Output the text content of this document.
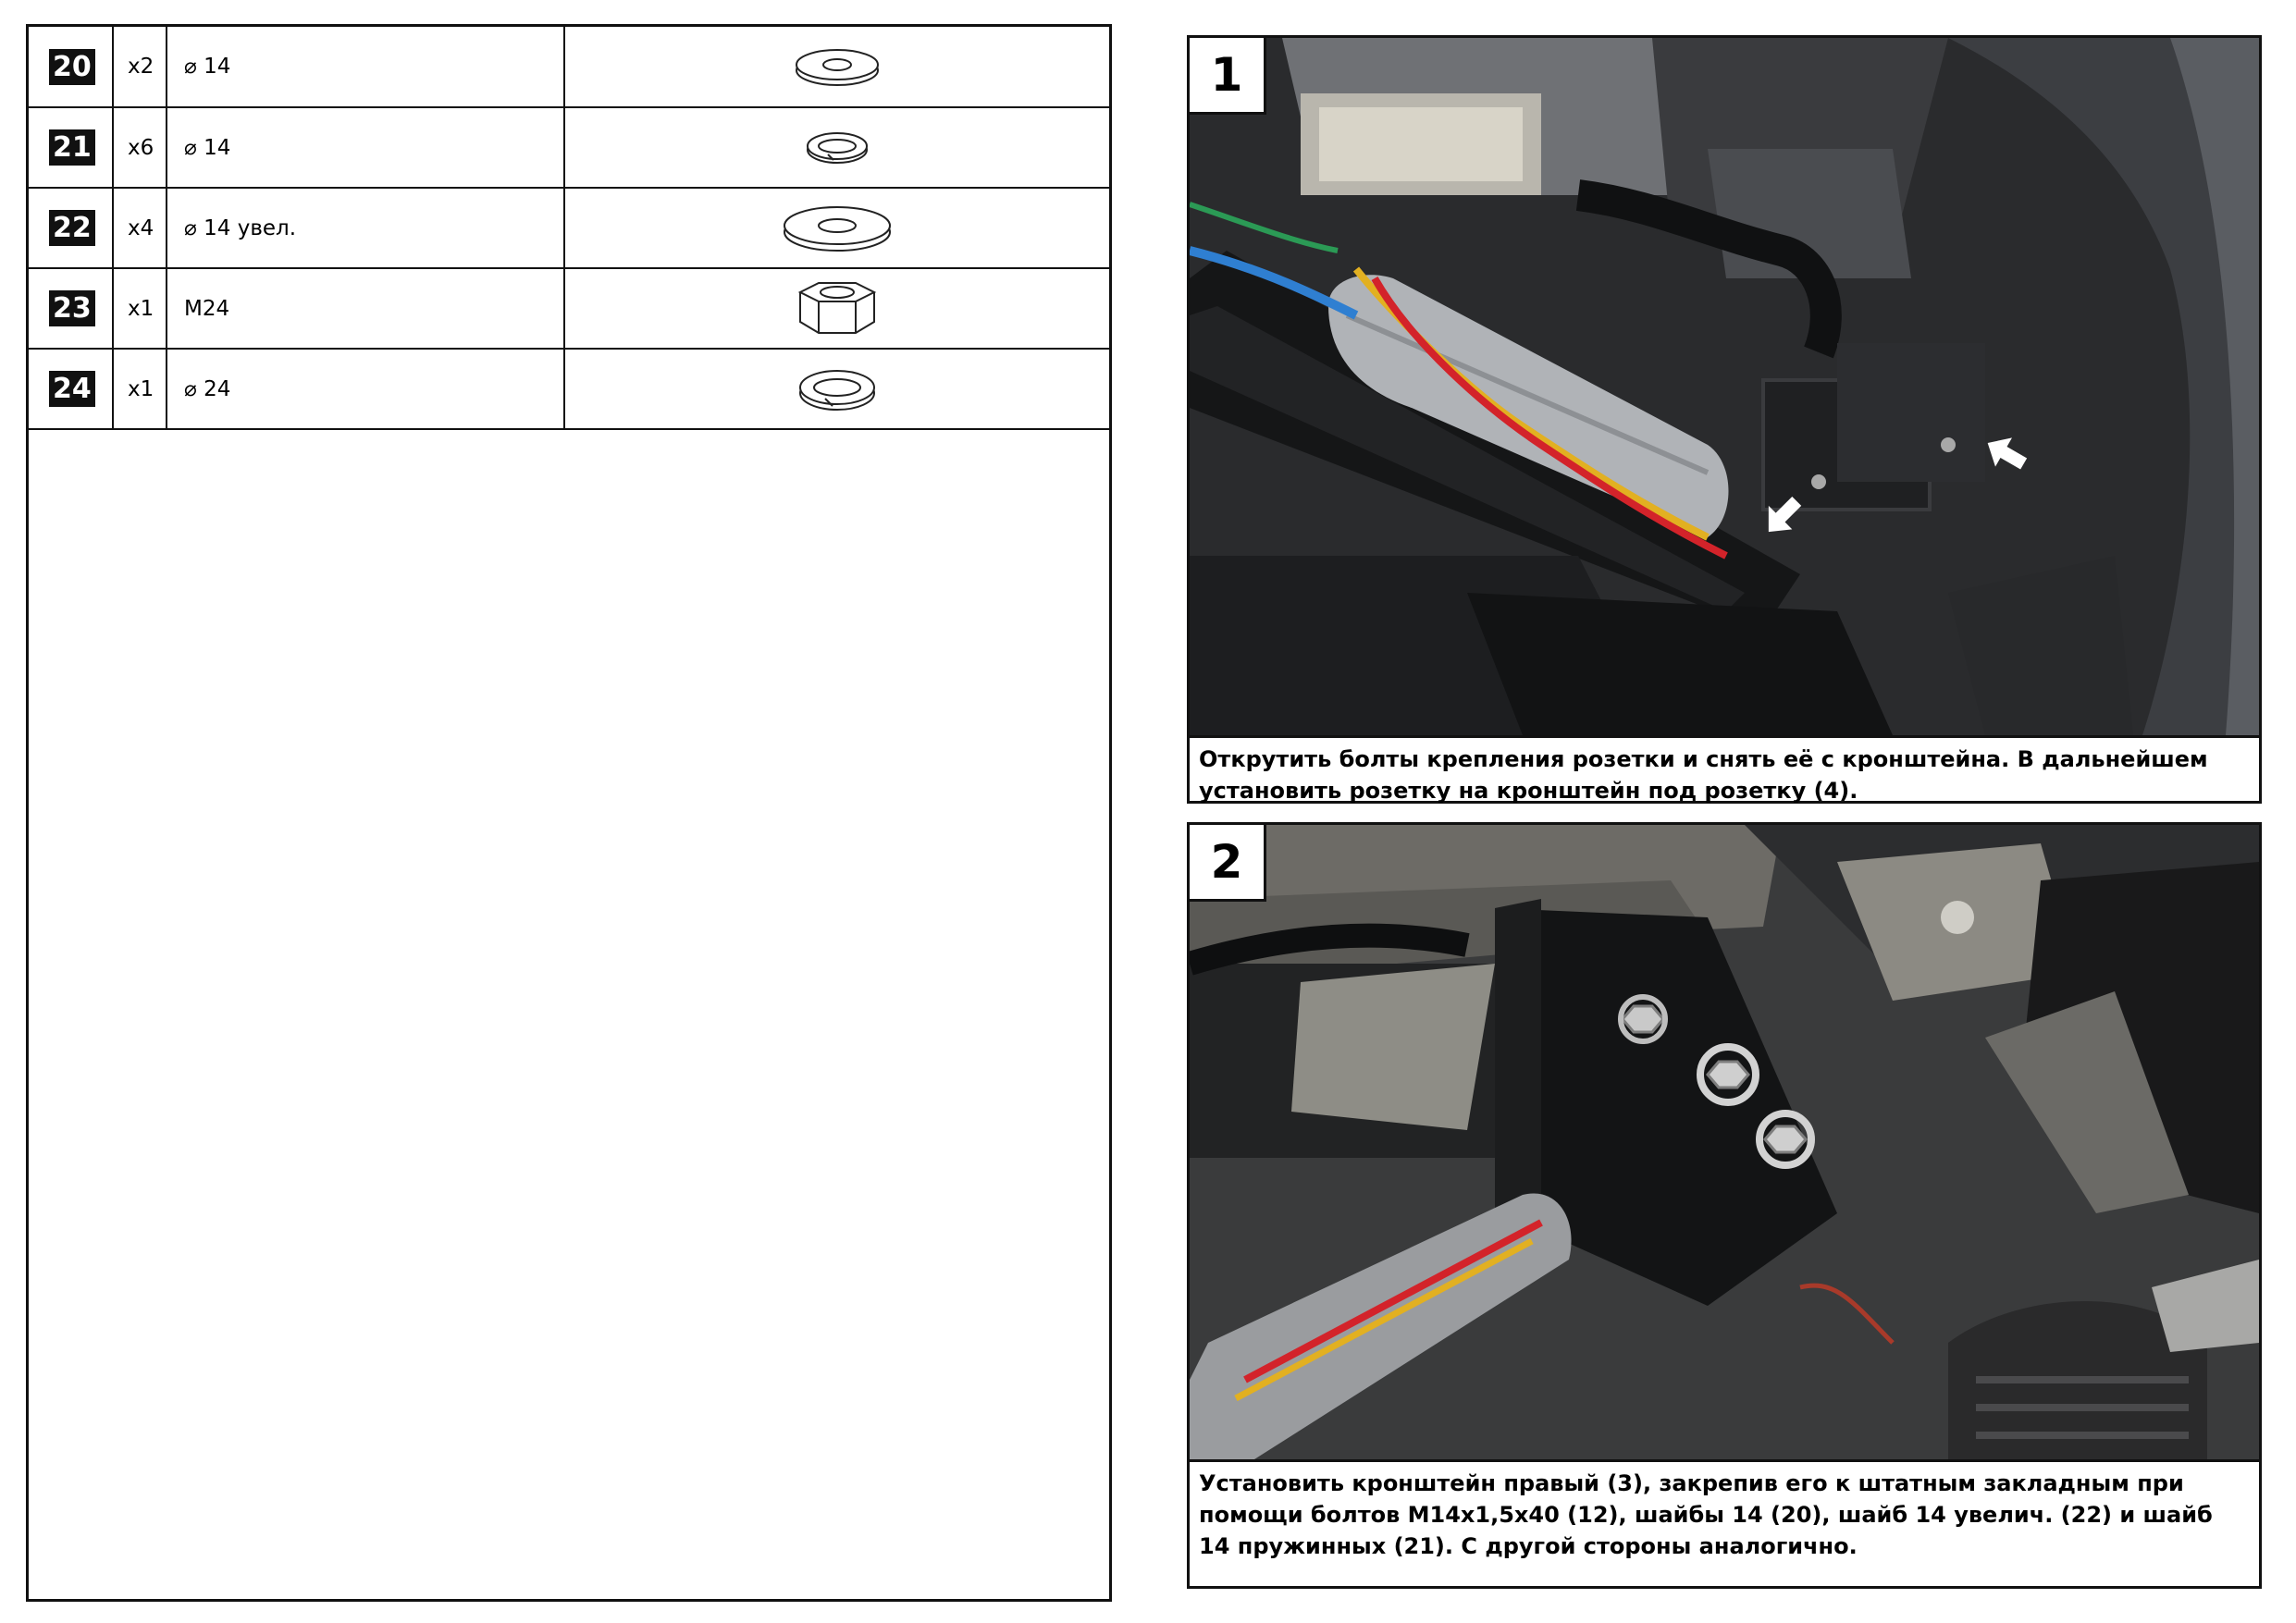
20	x2	⌀ 14	
21	x6	⌀ 14	
22	x4	⌀ 14 увел.	
23	x1	M24	
24	x1	⌀ 24	
1
Открутить болты крепления розетки и снять её с кронштейна. В дальнейшем установить розетку на кронштейн под розетку (4).
2
Установить кронштейн правый (3), закрепив его к штатным закладным при помощи болтов M14x1,5x40 (12), шайбы 14 (20), шайб 14 увелич. (22) и шайб 14 пружинных (21). С другой стороны аналогично.
